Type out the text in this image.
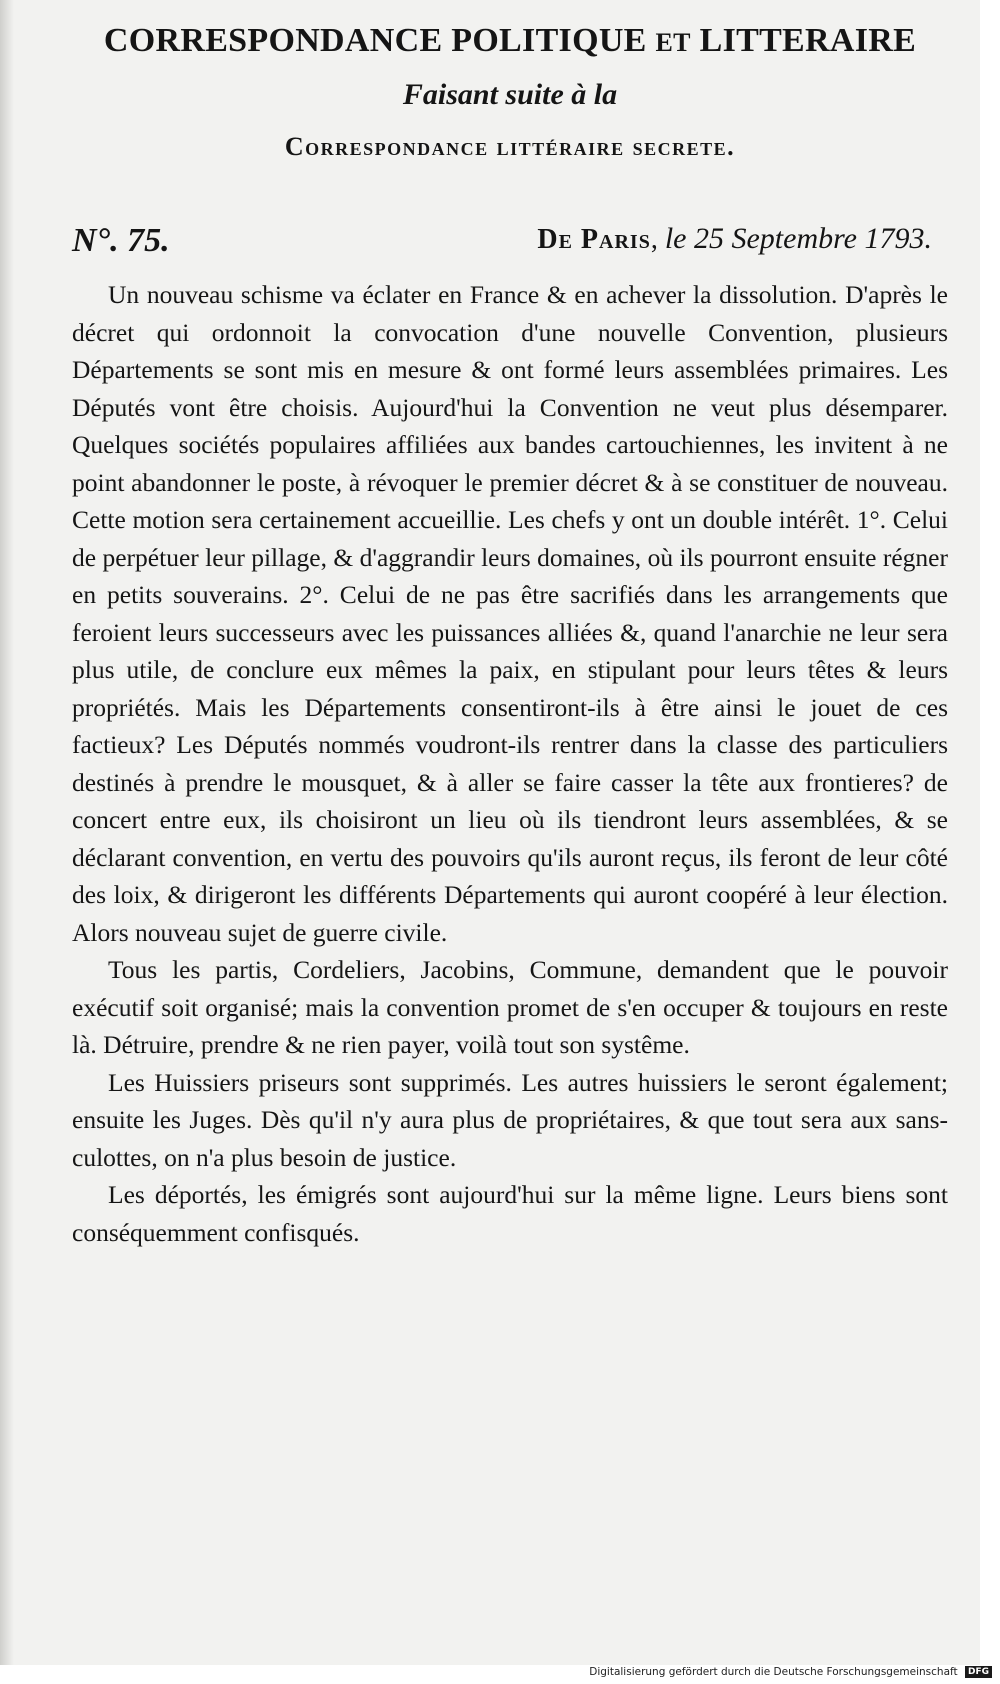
CORRESPONDANCE POLITIQUE ET LITTERAIRE
Faisant suite à la
Correspondance littéraire secrete.
N°. 75.	De Paris, le 25 Septembre 1793.

Un nouveau schisme va éclater en France & en achever la dissolution. D'après le décret qui ordonnoit la convocation d'une nouvelle Convention, plusieurs Départements se sont mis en mesure & ont formé leurs assemblées primaires. Les Députés vont être choisis. Aujourd'hui la Convention ne veut plus désemparer. Quelques sociétés populaires affiliées aux bandes cartouchiennes, les invitent à ne point abandonner le poste, à révoquer le premier décret & à se constituer de nouveau. Cette motion sera certainement accueillie. Les chefs y ont un double intérêt. 1°. Celui de perpétuer leur pillage, & d'aggrandir leurs domaines, où ils pourront ensuite régner en petits souverains. 2°. Celui de ne pas être sacrifiés dans les arrangements que feroient leurs successeurs avec les puissances alliées &, quand l'anarchie ne leur sera plus utile, de conclure eux mêmes la paix, en stipulant pour leurs têtes & leurs propriétés. Mais les Départements consentiront-ils à être ainsi le jouet de ces factieux? Les Députés nommés voudront-ils rentrer dans la classe des particuliers destinés à prendre le mousquet, & à aller se faire casser la tête aux frontieres? de concert entre eux, ils choisiront un lieu où ils tiendront leurs assemblées, & se déclarant convention, en vertu des pouvoirs qu'ils auront reçus, ils feront de leur côté des loix, & dirigeront les différents Départements qui auront coopéré à leur élection. Alors nouveau sujet de guerre civile.

Tous les partis, Cordeliers, Jacobins, Commune, demandent que le pouvoir exécutif soit organisé; mais la convention promet de s'en occuper & toujours en reste là. Détruire, prendre & ne rien payer, voilà tout son systême.

Les Huissiers priseurs sont supprimés. Les autres huissiers le seront également; ensuite les Juges. Dès qu'il n'y aura plus de propriétaires, & que tout sera aux sans-culottes, on n'a plus besoin de justice.

Les déportés, les émigrés sont aujourd'hui sur la même ligne. Leurs biens sont conséquemment confisqués.

Digitalisierung gefördert durch die Deutsche Forschungsgemeinschaft DFG
